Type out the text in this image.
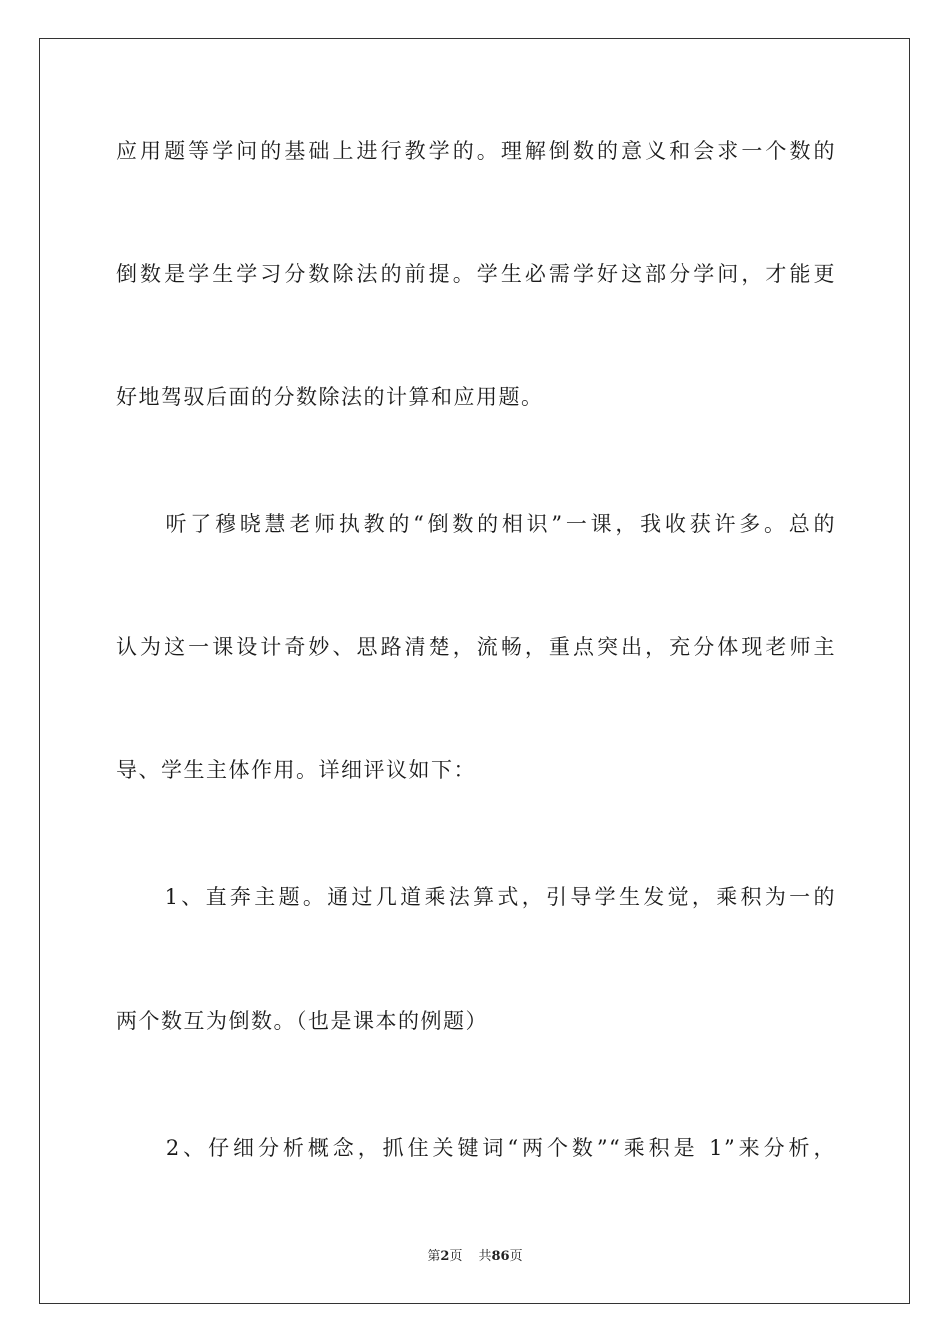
应用题等学问的基础上进行教学的。理解倒数的意义和会求一个数的
倒数是学生学习分数除法的前提。学生必需学好这部分学问，才能更
好地驾驭后面的分数除法的计算和应用题。
　　听了穆晓慧老师执教的“倒数的相识”一课，我收获许多。总的
认为这一课设计奇妙、思路清楚，流畅，重点突出，充分体现老师主
导、学生主体作用。详细评议如下：
　　1、直奔主题。通过几道乘法算式，引导学生发觉，乘积为一的
两个数互为倒数。（也是课本的例题）
　　2、仔细分析概念，抓住关键词“两个数”“乘积是 1”来分析，
第2页 共86页
